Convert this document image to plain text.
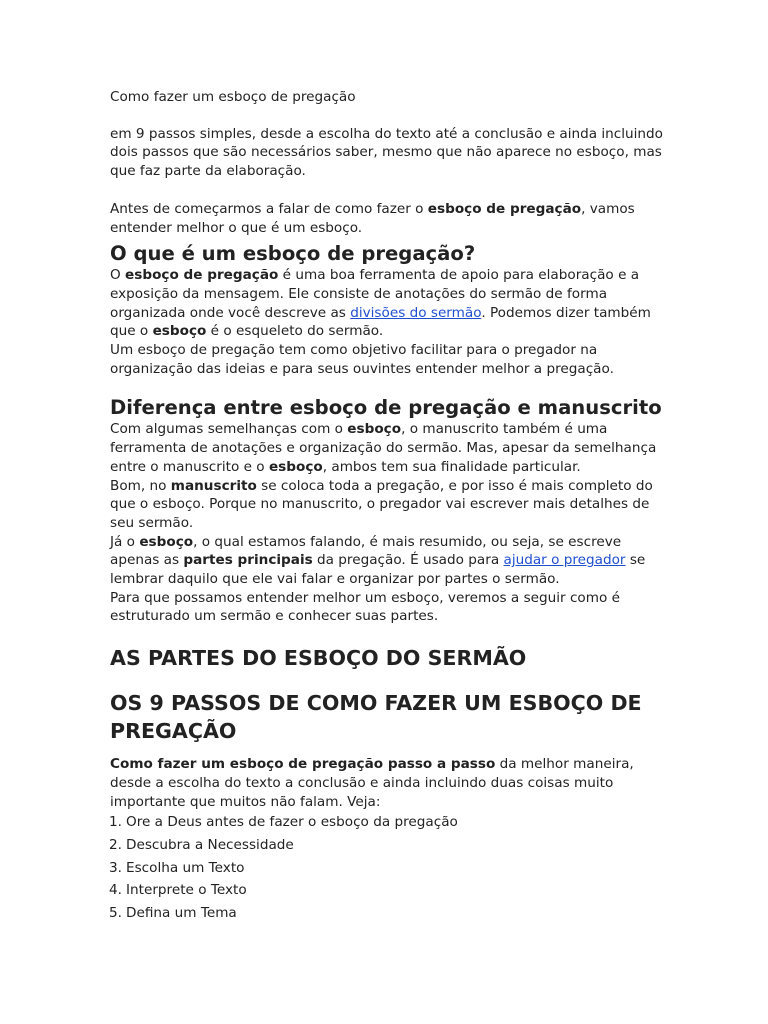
Como fazer um esboço de pregação

em 9 passos simples, desde a escolha do texto até a conclusão e ainda incluindo dois passos que são necessários saber, mesmo que não aparece no esboço, mas que faz parte da elaboração.

Antes de começarmos a falar de como fazer o esboço de pregação, vamos entender melhor o que é um esboço.

O que é um esboço de pregação?

O esboço de pregação é uma boa ferramenta de apoio para elaboração e a exposição da mensagem. Ele consiste de anotações do sermão de forma organizada onde você descreve as divisões do sermão. Podemos dizer também que o esboço é o esqueleto do sermão.

Um esboço de pregação tem como objetivo facilitar para o pregador na organização das ideias e para seus ouvintes entender melhor a pregação.

Diferença entre esboço de pregação e manuscrito

Com algumas semelhanças com o esboço, o manuscrito também é uma ferramenta de anotações e organização do sermão. Mas, apesar da semelhança entre o manuscrito e o esboço, ambos tem sua finalidade particular.

Bom, no manuscrito se coloca toda a pregação, e por isso é mais completo do que o esboço. Porque no manuscrito, o pregador vai escrever mais detalhes de seu sermão.

Já o esboço, o qual estamos falando, é mais resumido, ou seja, se escreve apenas as partes principais da pregação. É usado para ajudar o pregador se lembrar daquilo que ele vai falar e organizar por partes o sermão.

Para que possamos entender melhor um esboço, veremos a seguir como é estruturado um sermão e conhecer suas partes.

AS PARTES DO ESBOÇO DO SERMÃO
OS 9 PASSOS DE COMO FAZER UM ESBOÇO DE PREGAÇÃO

Como fazer um esboço de pregação passo a passo da melhor maneira, desde a escolha do texto a conclusão e ainda incluindo duas coisas muito importante que muitos não falam. Veja:

1. Ore a Deus antes de fazer o esboço da pregação
2. Descubra a Necessidade
3. Escolha um Texto
4. Interprete o Texto
5. Defina um Tema
